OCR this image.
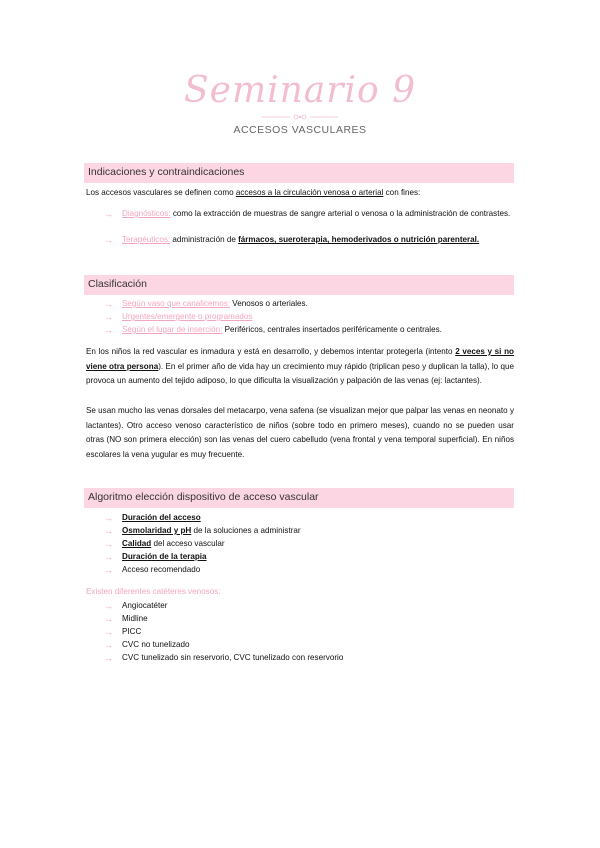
Seminario 9
ACCESOS VASCULARES
Indicaciones y contraindicaciones
Los accesos vasculares se definen como accesos a la circulación venosa o arterial con fines:
→ Diagnósticos: como la extracción de muestras de sangre arterial o venosa o la administración de contrastes.
→ Terapéuticos: administración de fármacos, sueroterapia, hemoderivados o nutrición parenteral.
Clasificación
→ Según vaso que canalicemos: Venosos o arteriales.
→ Urgentes/emergente o programados
→ Según el lugar de inserción: Periféricos, centrales insertados periféricamente o centrales.
En los niños la red vascular es inmadura y está en desarrollo, y debemos intentar protegerla (intento 2 veces y si no viene otra persona). En el primer año de vida hay un crecimiento muy rápido (triplican peso y duplican la talla), lo que provoca un aumento del tejido adiposo, lo que dificulta la visualización y palpación de las venas (ej: lactantes).
Se usan mucho las venas dorsales del metacarpo, vena safena (se visualizan mejor que palpar las venas en neonato y lactantes). Otro acceso venoso característico de niños (sobre todo en primero meses), cuando no se pueden usar otras (NO son primera elección) son las venas del cuero cabelludo (vena frontal y vena temporal superficial). En niños escolares la vena yugular es muy frecuente.
Algoritmo elección dispositivo de acceso vascular
→ Duración del acceso
→ Osmolaridad y pH de la soluciones a administrar
→ Calidad del acceso vascular
→ Duración de la terapia
→ Acceso recomendado
Existen diferentes catéteres venosos:
→ Angiocatéter
→ Midline
→ PICC
→ CVC no tunelizado
→ CVC tunelizado sin reservorio, CVC tunelizado con reservorio
